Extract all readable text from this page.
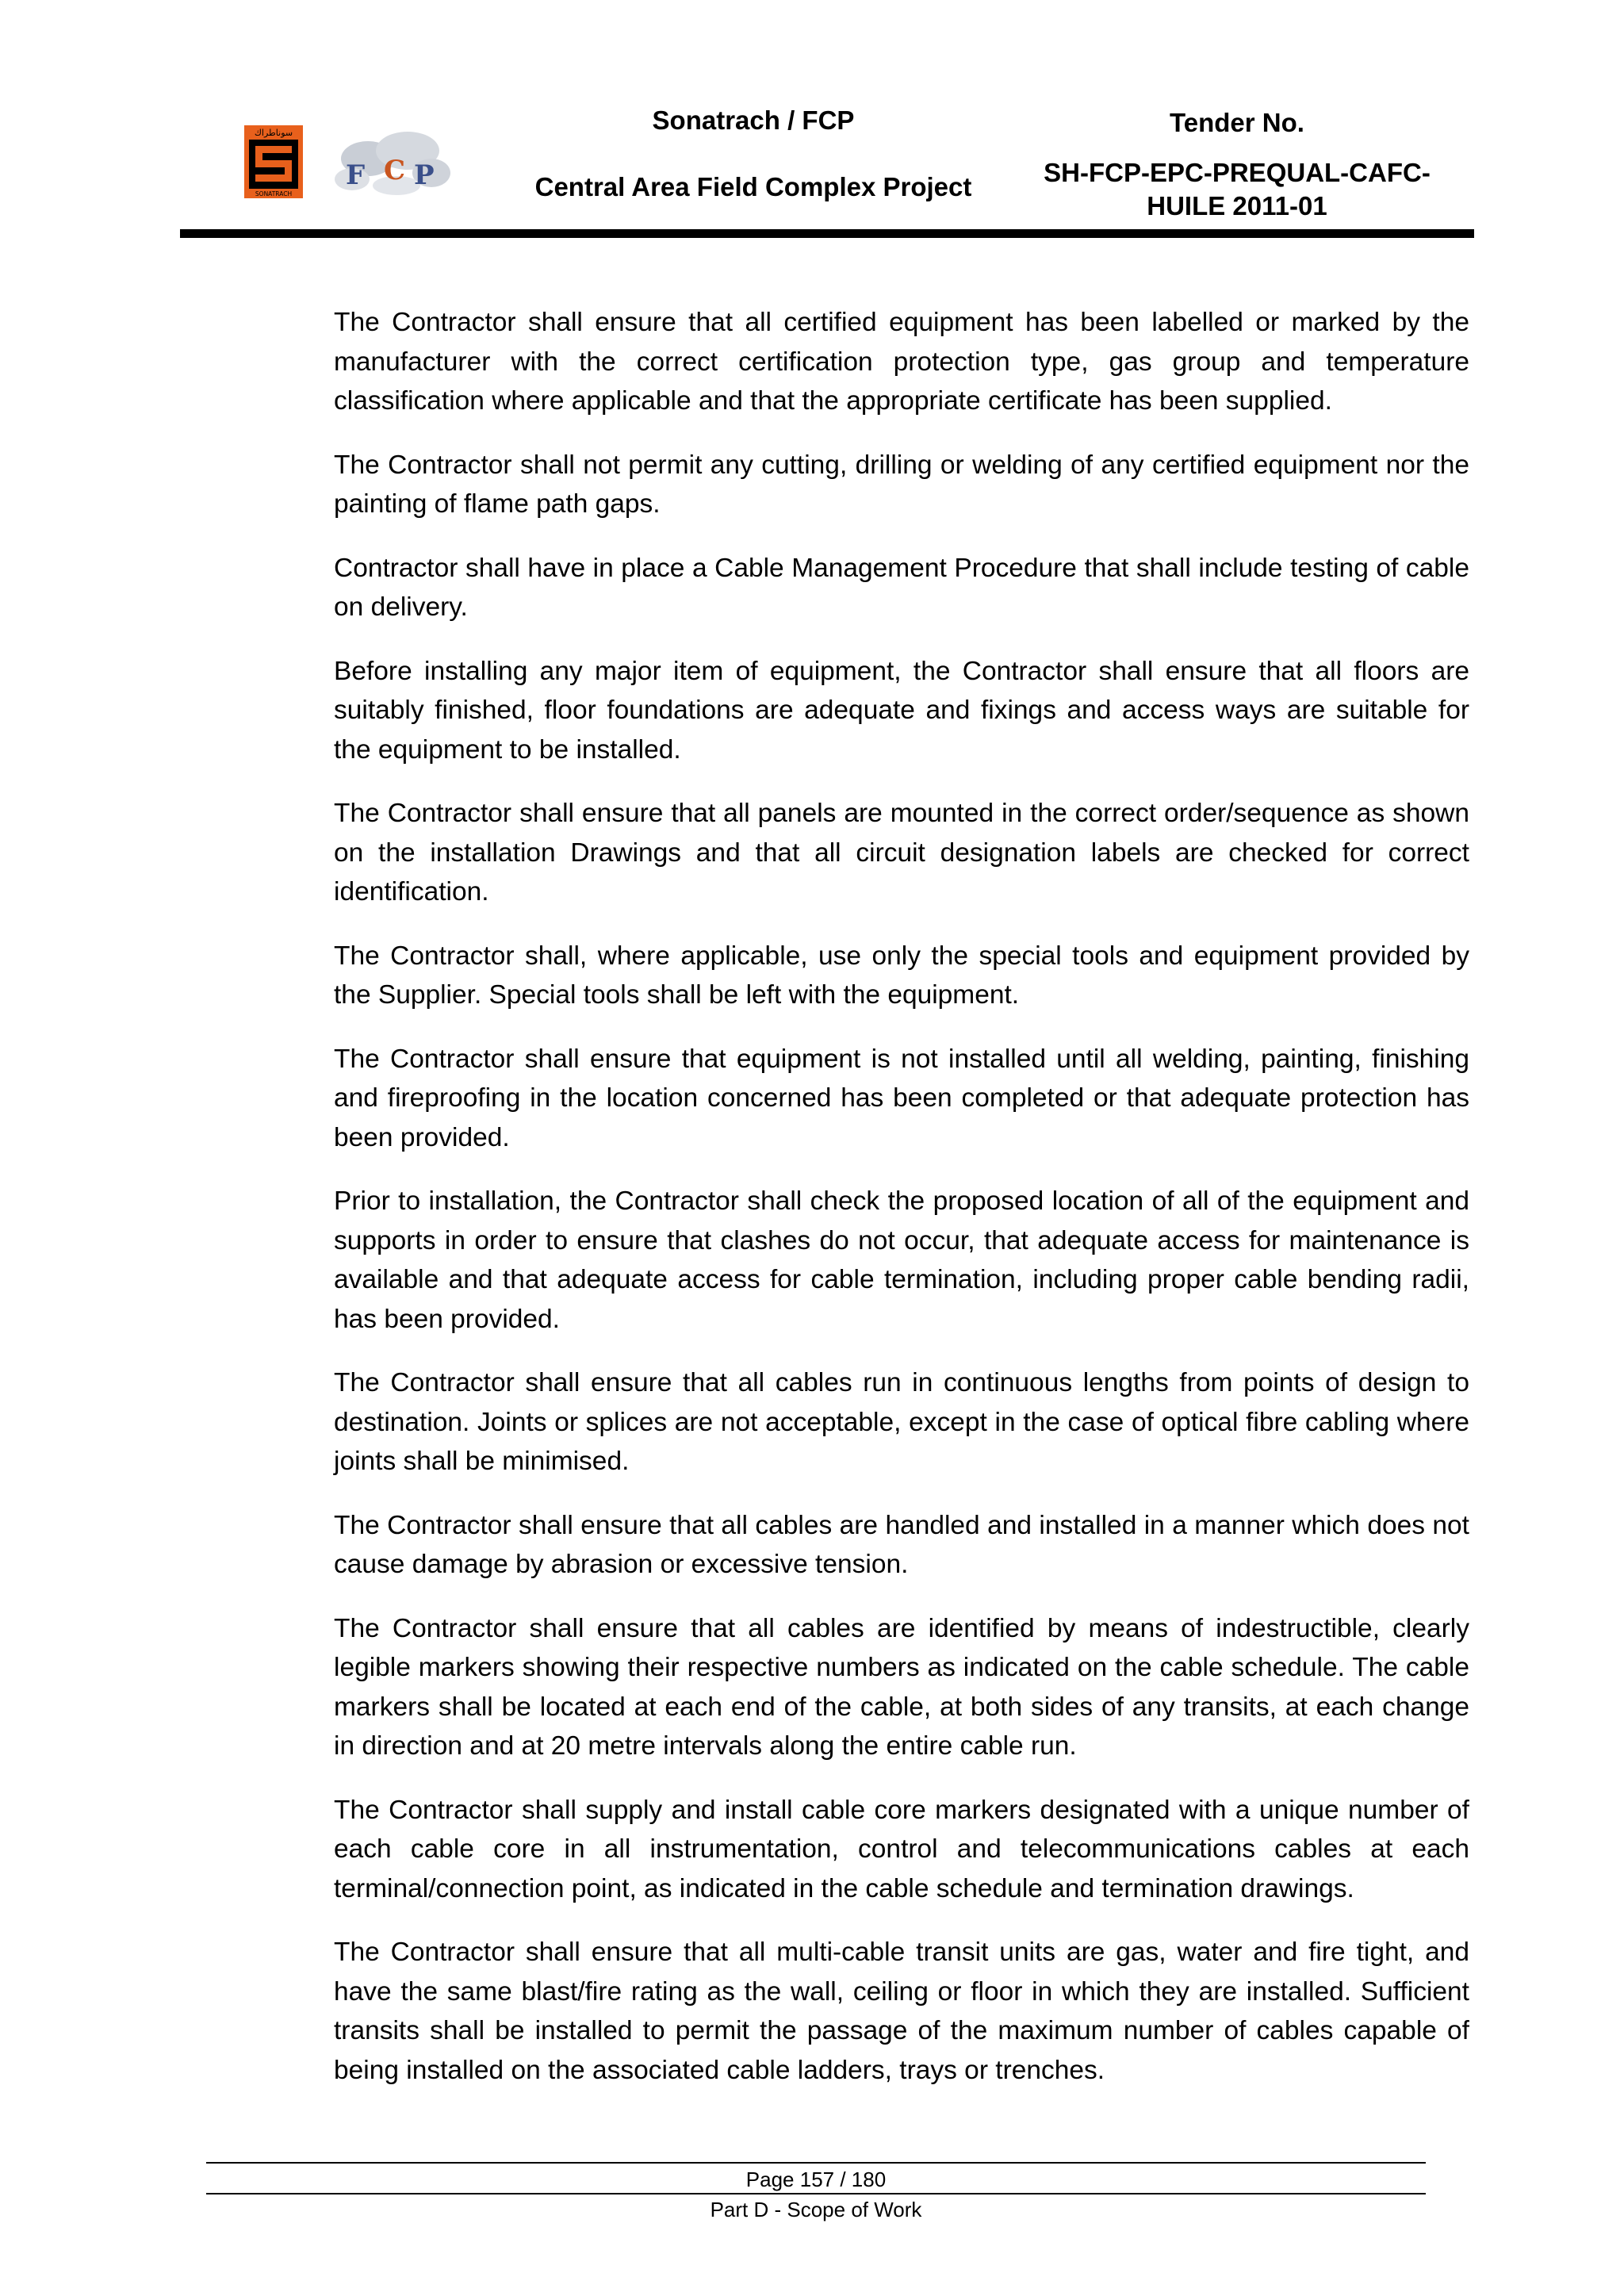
سوناطراك
SONATRACH
F C P
Sonatrach / FCP
Central Area Field Complex Project
Tender No.
SH-FCP-EPC-PREQUAL-CAFC-HUILE 2011-01

The Contractor shall ensure that all certified equipment has been labelled or marked by the manufacturer with the correct certification protection type, gas group and temperature classification where applicable and that the appropriate certificate has been supplied.

The Contractor shall not permit any cutting, drilling or welding of any certified equipment nor the painting of flame path gaps.

Contractor shall have in place a Cable Management Procedure that shall include testing of cable on delivery.

Before installing any major item of equipment, the Contractor shall ensure that all floors are suitably finished, floor foundations are adequate and fixings and access ways are suitable for the equipment to be installed.

The Contractor shall ensure that all panels are mounted in the correct order/sequence as shown on the installation Drawings and that all circuit designation labels are checked for correct identification.

The Contractor shall, where applicable, use only the special tools and equipment provided by the Supplier. Special tools shall be left with the equipment.

The Contractor shall ensure that equipment is not installed until all welding, painting, finishing and fireproofing in the location concerned has been completed or that adequate protection has been provided.

Prior to installation, the Contractor shall check the proposed location of all of the equipment and supports in order to ensure that clashes do not occur, that adequate access for maintenance is available and that adequate access for cable termination, including proper cable bending radii, has been provided.

The Contractor shall ensure that all cables run in continuous lengths from points of design to destination. Joints or splices are not acceptable, except in the case of optical fibre cabling where joints shall be minimised.

The Contractor shall ensure that all cables are handled and installed in a manner which does not cause damage by abrasion or excessive tension.

The Contractor shall ensure that all cables are identified by means of indestructible, clearly legible markers showing their respective numbers as indicated on the cable schedule. The cable markers shall be located at each end of the cable, at both sides of any transits, at each change in direction and at 20 metre intervals along the entire cable run.

The Contractor shall supply and install cable core markers designated with a unique number of each cable core in all instrumentation, control and telecommunications cables at each terminal/connection point, as indicated in the cable schedule and termination drawings.

The Contractor shall ensure that all multi-cable transit units are gas, water and fire tight, and have the same blast/fire rating as the wall, ceiling or floor in which they are installed. Sufficient transits shall be installed to permit the passage of the maximum number of cables capable of being installed on the associated cable ladders, trays or trenches.

Page 157 / 180
Part D - Scope of Work
